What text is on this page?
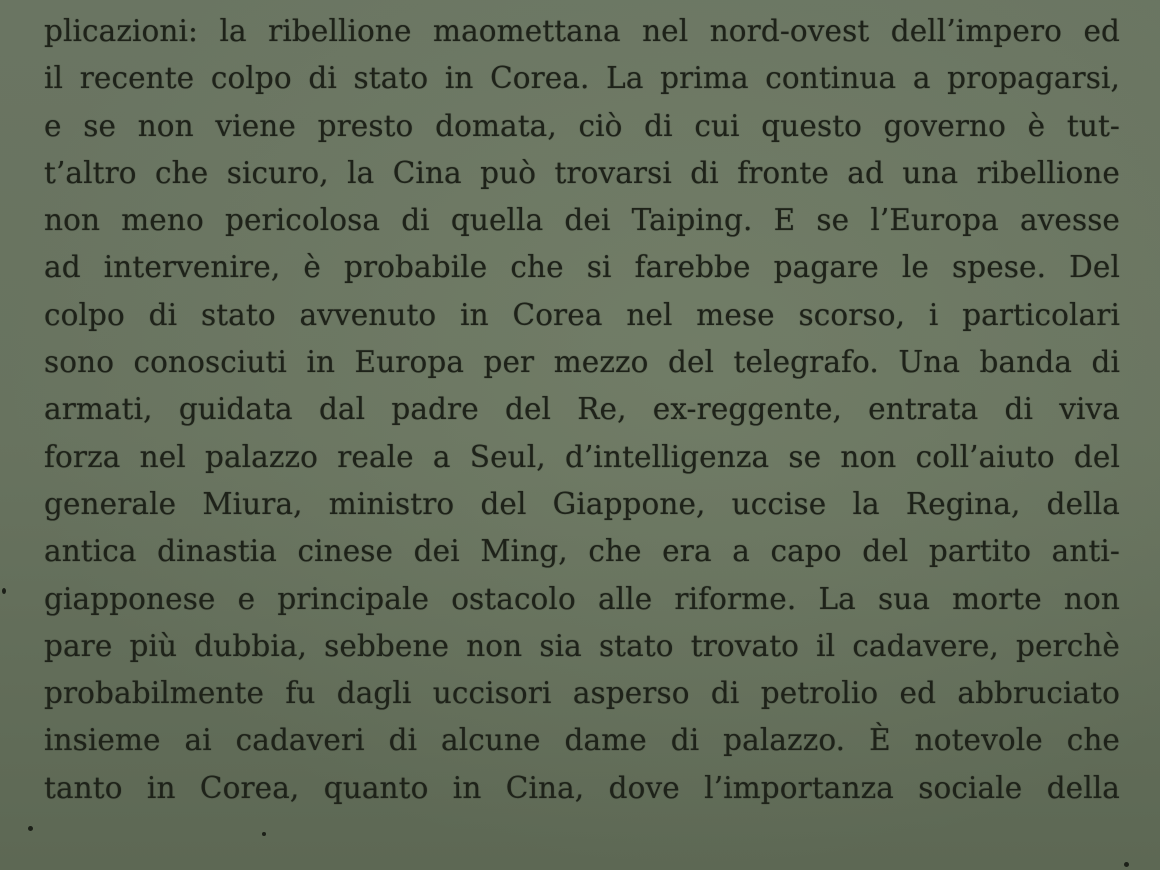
plicazioni: la ribellione maomettana nel nord-ovest dell’impero ed
il recente colpo di stato in Corea. La prima continua a propagarsi,
e se non viene presto domata, ciò di cui questo governo è tut-
t’altro che sicuro, la Cina può trovarsi di fronte ad una ribellione
non meno pericolosa di quella dei Taiping. E se l’Europa avesse
ad intervenire, è probabile che si farebbe pagare le spese. Del
colpo di stato avvenuto in Corea nel mese scorso, i particolari
sono conosciuti in Europa per mezzo del telegrafo. Una banda di
armati, guidata dal padre del Re, ex-reggente, entrata di viva
forza nel palazzo reale a Seul, d’intelligenza se non coll’aiuto del
generale Miura, ministro del Giappone, uccise la Regina, della
antica dinastia cinese dei Ming, che era a capo del partito anti-
giapponese e principale ostacolo alle riforme. La sua morte non
pare più dubbia, sebbene non sia stato trovato il cadavere, perchè
probabilmente fu dagli uccisori asperso di petrolio ed abbruciato
insieme ai cadaveri di alcune dame di palazzo. È notevole che
tanto in Corea, quanto in Cina, dove l’importanza sociale della
